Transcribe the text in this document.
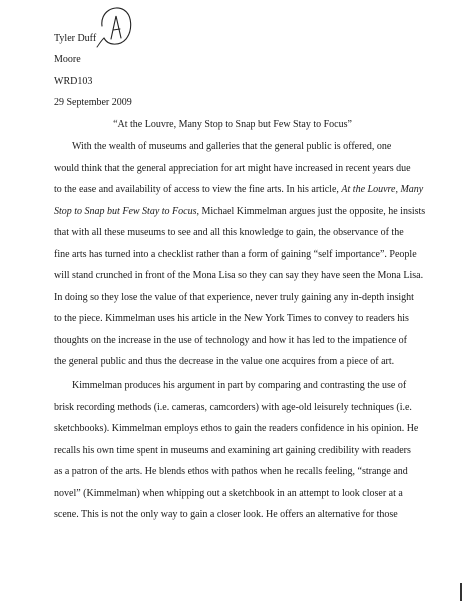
Tyler Duff
Moore
WRD103
29 September 2009
“At the Louvre, Many Stop to Snap but Few Stay to Focus”
With the wealth of museums and galleries that the general public is offered, one
would think that the general appreciation for art might have increased in recent years due
to the ease and availability of access to view the fine arts. In his article, At the Louvre, Many
Stop to Snap but Few Stay to Focus, Michael Kimmelman argues just the opposite, he insists
that with all these museums to see and all this knowledge to gain, the observance of the
fine arts has turned into a checklist rather than a form of gaining “self importance”. People
will stand crunched in front of the Mona Lisa so they can say they have seen the Mona Lisa.
In doing so they lose the value of that experience, never truly gaining any in-depth insight
to the piece. Kimmelman uses his article in the New York Times to convey to readers his
thoughts on the increase in the use of technology and how it has led to the impatience of
the general public and thus the decrease in the value one acquires from a piece of art.
Kimmelman produces his argument in part by comparing and contrasting the use of
brisk recording methods (i.e. cameras, camcorders) with age-old leisurely techniques (i.e.
sketchbooks). Kimmelman employs ethos to gain the readers confidence in his opinion. He
recalls his own time spent in museums and examining art gaining credibility with readers
as a patron of the arts. He blends ethos with pathos when he recalls feeling, “strange and
novel” (Kimmelman) when whipping out a sketchbook in an attempt to look closer at a
scene. This is not the only way to gain a closer look. He offers an alternative for those
